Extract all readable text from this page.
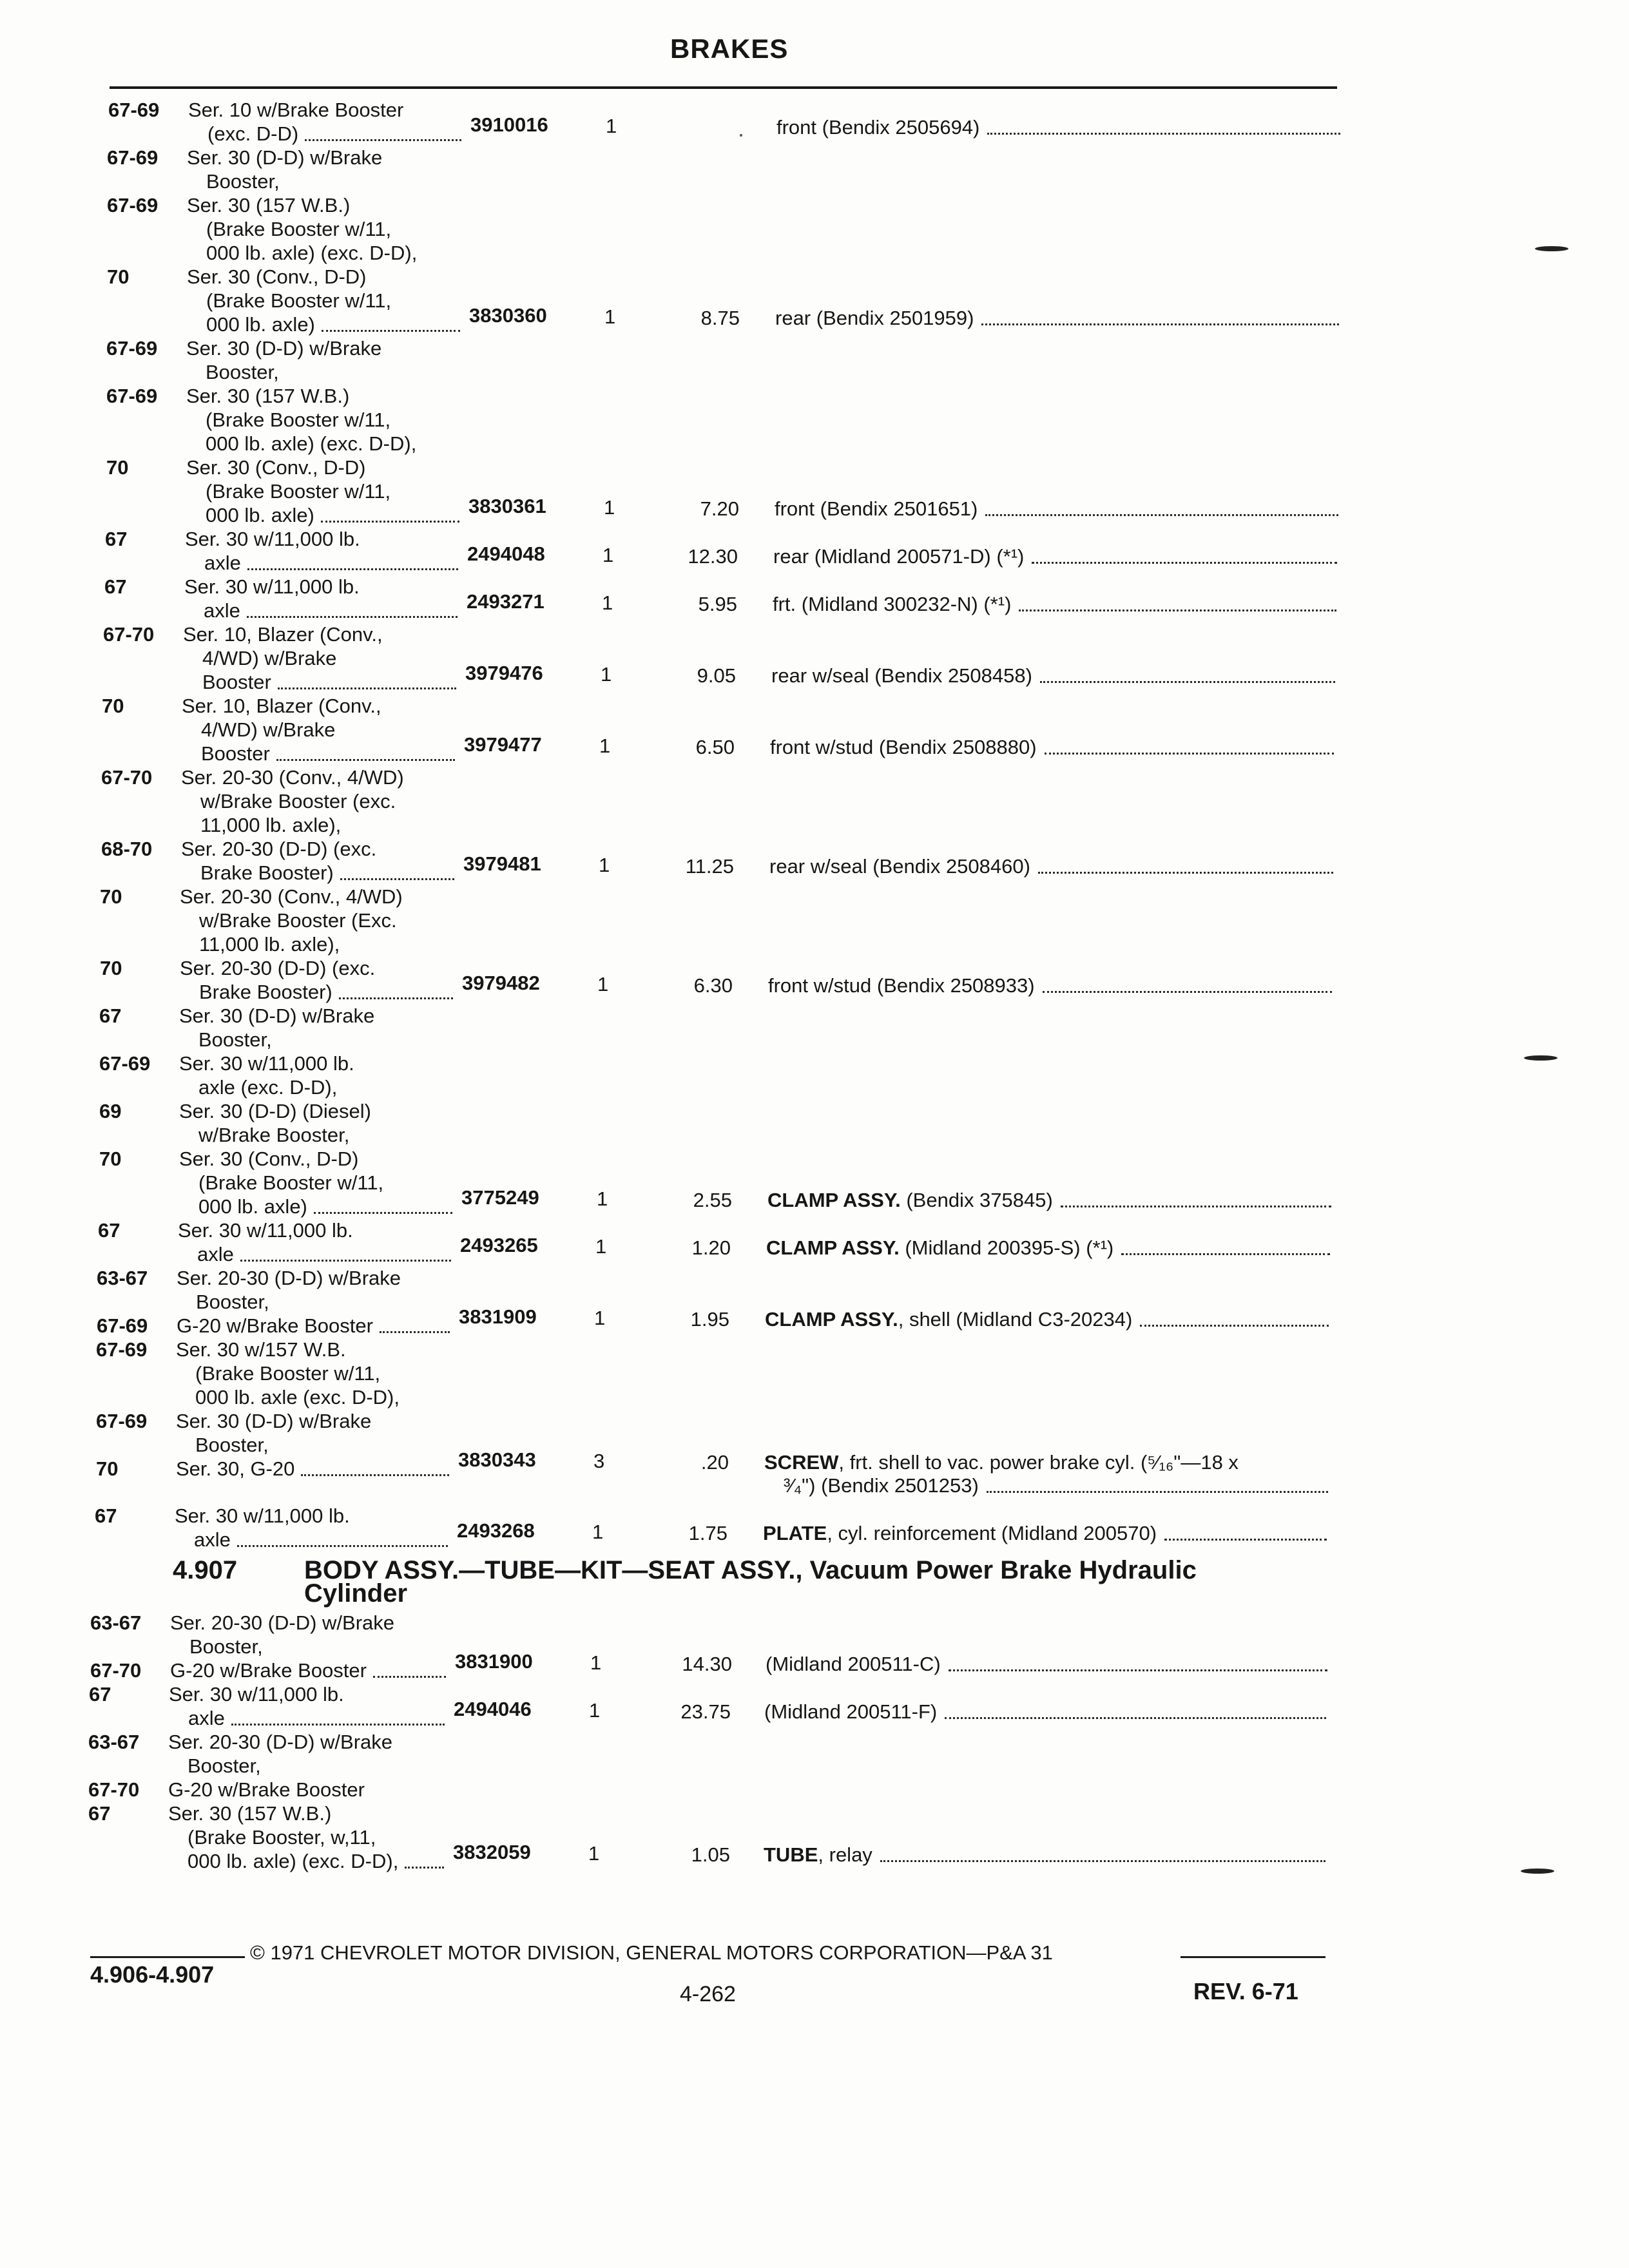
BRAKES
67-69 Ser. 10 w/Brake Booster
(exc. D-D)	3910016	1	front (Bendix 2505694)
67-69 Ser. 30 (D-D) w/Brake
Booster,
67-69 Ser. 30 (157 W.B.)
(Brake Booster w/11,
000 lb. axle) (exc. D-D),
70	Ser. 30 (Conv., D-D)
(Brake Booster w/11,
000 lb. axle)	3830360	1	8.75 rear (Bendix 2501959)
67-69 Ser. 30 (D-D) w/Brake
Booster,
67-69 Ser. 30 (157 W.B.)
(Brake Booster w/11,
000 lb. axle) (exc. D-D),
70	Ser. 30 (Conv., D-D)
(Brake Booster w/11,
000 lb. axle)	3830361	1	7.20 front (Bendix 2501651)
67	Ser. 30 w/11,000 lb.
axle	2494048	1	12.30 rear (Midland 200571-D) (*¹)
67	Ser. 30 w/11,000 lb.
axle	2493271	1	5.95 frt. (Midland 300232-N) (*¹)
67-70 Ser. 10, Blazer (Conv.,
4/WD) w/Brake
Booster	3979476	1	9.05 rear w/seal (Bendix 2508458)
70	Ser. 10, Blazer (Conv.,
4/WD) w/Brake
Booster	3979477	1	6.50 front w/stud (Bendix 2508880)
67-70 Ser. 20-30 (Conv., 4/WD)
w/Brake Booster (exc.
11,000 lb. axle),
68-70 Ser. 20-30 (D-D) (exc.
Brake Booster)	3979481	1	11.25 rear w/seal (Bendix 2508460)
70	Ser. 20-30 (Conv., 4/WD)
w/Brake Booster (Exc.
11,000 lb. axle),
70	Ser. 20-30 (D-D) (exc.
Brake Booster)	3979482	1	6.30 front w/stud (Bendix 2508933)
67	Ser. 30 (D-D) w/Brake
Booster,
67-69 Ser. 30 w/11,000 lb.
axle (exc. D-D),
69	Ser. 30 (D-D) (Diesel)
w/Brake Booster,
70	Ser. 30 (Conv., D-D)
(Brake Booster w/11,
000 lb. axle)	3775249	1	2.55 CLAMP ASSY. (Bendix 375845)
67	Ser. 30 w/11,000 lb.
axle	2493265	1	1.20 CLAMP ASSY. (Midland 200395-S) (*¹)
63-67 Ser. 20-30 (D-D) w/Brake
Booster,
67-69 G-20 w/Brake Booster	3831909	1	1.95 CLAMP ASSY., shell (Midland C3-20234)
67-69 Ser. 30 w/157 W.B.
(Brake Booster w/11,
000 lb. axle (exc. D-D),
67-69 Ser. 30 (D-D) w/Brake
Booster,
70	Ser. 30, G-20	3830343	3	.20 SCREW, frt. shell to vac. power brake cyl. (⁵⁄₁₆"—18 x
³⁄₄") (Bendix 2501253)
67	Ser. 30 w/11,000 lb.
axle	2493268	1	1.75 PLATE, cyl. reinforcement (Midland 200570)
4.907	BODY ASSY.—TUBE—KIT—SEAT ASSY., Vacuum Power Brake Hydraulic
Cylinder
63-67 Ser. 20-30 (D-D) w/Brake
Booster,
67-70 G-20 w/Brake Booster	3831900	1	14.30 (Midland 200511-C)
67	Ser. 30 w/11,000 lb.
axle	2494046	1	23.75 (Midland 200511-F)
63-67 Ser. 20-30 (D-D) w/Brake
Booster,
67-70 G-20 w/Brake Booster
67	Ser. 30 (157 W.B.)
(Brake Booster, w,11,
000 lb. axle) (exc. D-D),	3832059	1	1.05 TUBE, relay
© 1971 CHEVROLET MOTOR DIVISION, GENERAL MOTORS CORPORATION—P&A 31
4.906-4.907
4-262	REV. 6-71
